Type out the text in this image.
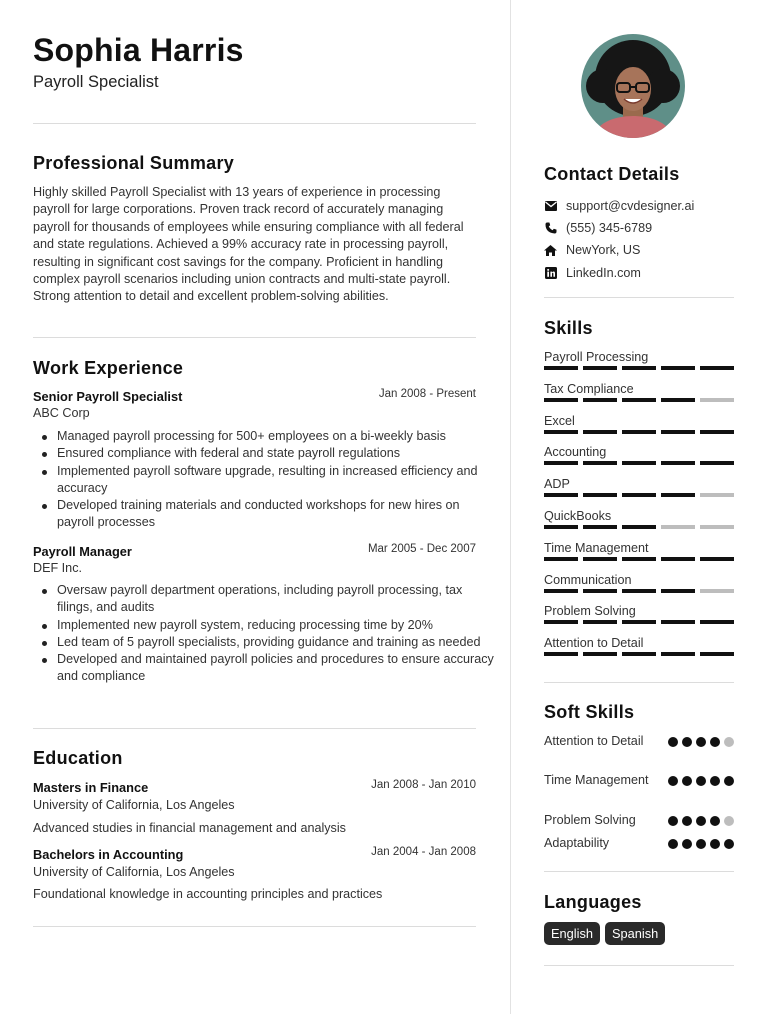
Sophia Harris
Payroll Specialist
Professional Summary

Highly skilled Payroll Specialist with 13 years of experience in processing payroll for large corporations. Proven track record of accurately managing payroll for thousands of employees while ensuring compliance with all federal and state regulations. Achieved a 99% accuracy rate in processing payroll, resulting in significant cost savings for the company. Proficient in handling complex payroll scenarios including union contracts and multi-state payroll. Strong attention to detail and excellent problem-solving abilities.

Work Experience
Senior Payroll Specialist	Jan 2008 - Present
ABC Corp
Managed payroll processing for 500+ employees on a bi-weekly basis
Ensured compliance with federal and state payroll regulations
Implemented payroll software upgrade, resulting in increased efficiency and accuracy
Developed training materials and conducted workshops for new hires on payroll processes
Payroll Manager	Mar 2005 - Dec 2007
DEF Inc.
Oversaw payroll department operations, including payroll processing, tax filings, and audits
Implemented new payroll system, reducing processing time by 20%
Led team of 5 payroll specialists, providing guidance and training as needed
Developed and maintained payroll policies and procedures to ensure accuracy and compliance
Education
Masters in Finance	Jan 2008 - Jan 2010
University of California, Los Angeles
Advanced studies in financial management and analysis
Bachelors in Accounting	Jan 2004 - Jan 2008
University of California, Los Angeles
Foundational knowledge in accounting principles and practices
Contact Details
support@cvdesigner.ai
(555) 345-6789
NewYork, US
LinkedIn.com
Skills
Payroll Processing
Tax Compliance
Excel
Accounting
ADP
QuickBooks
Time Management
Communication
Problem Solving
Attention to Detail
Soft Skills
Attention to Detail
Time Management
Problem Solving
Adaptability
Languages
English	Spanish
